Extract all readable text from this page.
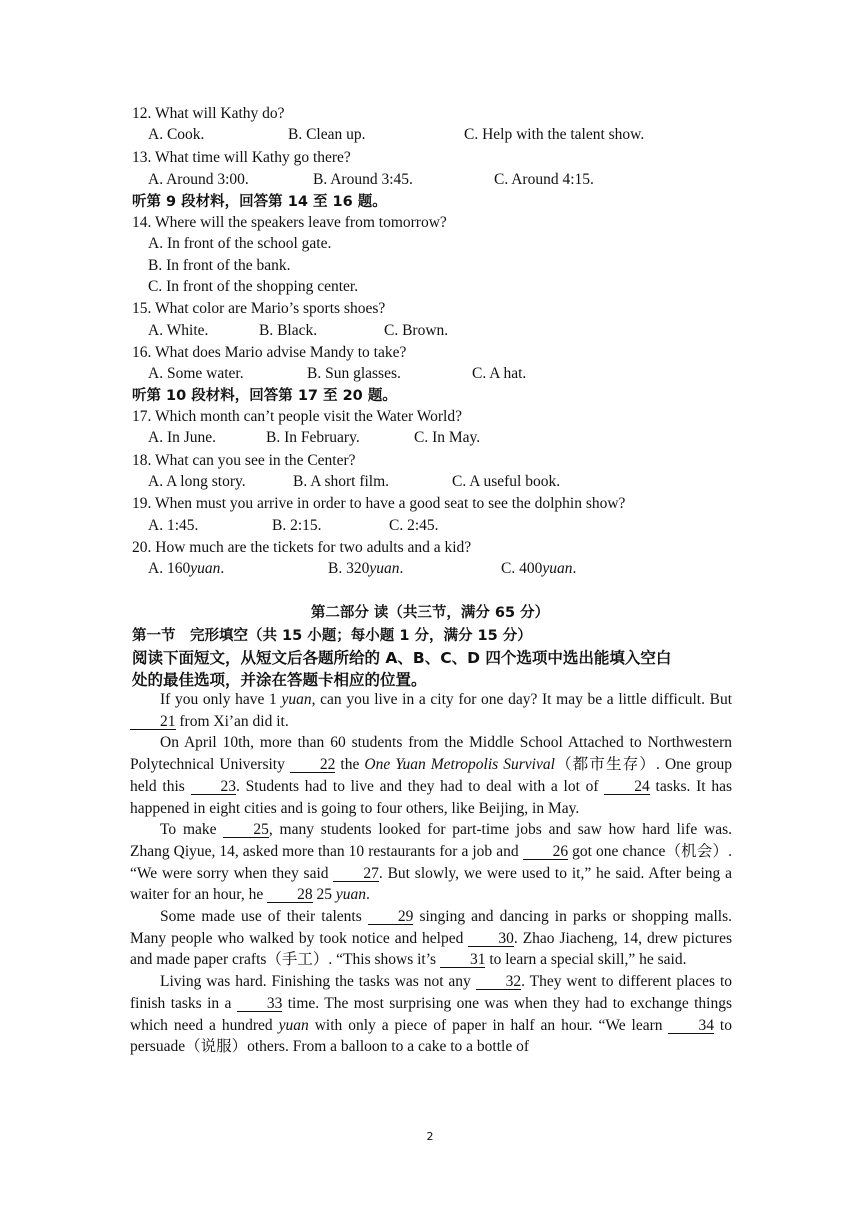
12. What will Kathy do?
A. Cook.	B. Clean up.	C. Help with the talent show.
13. What time will Kathy go there?
A. Around 3:00.	B. Around 3:45.	C. Around 4:15.
听第 9 段材料，回答第 14 至 16 题。
14. Where will the speakers leave from tomorrow?
A. In front of the school gate.
B. In front of the bank.
C. In front of the shopping center.
15. What color are Mario’s sports shoes?
A. White.	B. Black.	C. Brown.
16. What does Mario advise Mandy to take?
A. Some water.	B. Sun glasses.	C. A hat.
听第 10 段材料，回答第 17 至 20 题。
17. Which month can’t people visit the Water World?
A. In June.	B. In February.	C. In May.
18. What can you see in the Center?
A. A long story.	B. A short film.	C. A useful book.
19. When must you arrive in order to have a good seat to see the dolphin show?
A. 1:45.	B. 2:15.	C. 2:45.
20. How much are the tickets for two adults and a kid?
A. 160yuan.	B. 320yuan.	C. 400yuan.
第二部分 读（共三节，满分 65 分）
第一节　完形填空（共 15 小题；每小题 1 分，满分 15 分）
阅读下面短文，从短文后各题所给的 A、B、C、D 四个选项中选出能填入空白
处的最佳选项，并涂在答题卡相应的位置。

If you only have 1 yuan, can you live in a city for one day? It may be a little difficult. But 21 from Xi’an did it.

On April 10th, more than 60 students from the Middle School Attached to Northwestern Polytechnical University 22 the One Yuan Metropolis Survival（都市生存）. One group held this 23. Students had to live and they had to deal with a lot of 24 tasks. It has happened in eight cities and is going to four others, like Beijing, in May.

To make 25, many students looked for part-time jobs and saw how hard life was. Zhang Qiyue, 14, asked more than 10 restaurants for a job and 26 got one chance（机会）. “We were sorry when they said 27. But slowly, we were used to it,” he said. After being a waiter for an hour, he 28 25 yuan.

Some made use of their talents 29 singing and dancing in parks or shopping malls. Many people who walked by took notice and helped 30. Zhao Jiacheng, 14, drew pictures and made paper crafts（手工）. “This shows it’s 31 to learn a special skill,” he said.

Living was hard. Finishing the tasks was not any 32. They went to different places to finish tasks in a 33 time. The most surprising one was when they had to exchange things which need a hundred yuan with only a piece of paper in half an hour. “We learn 34 to persuade（说服）others. From a balloon to a cake to a bottle of

2
